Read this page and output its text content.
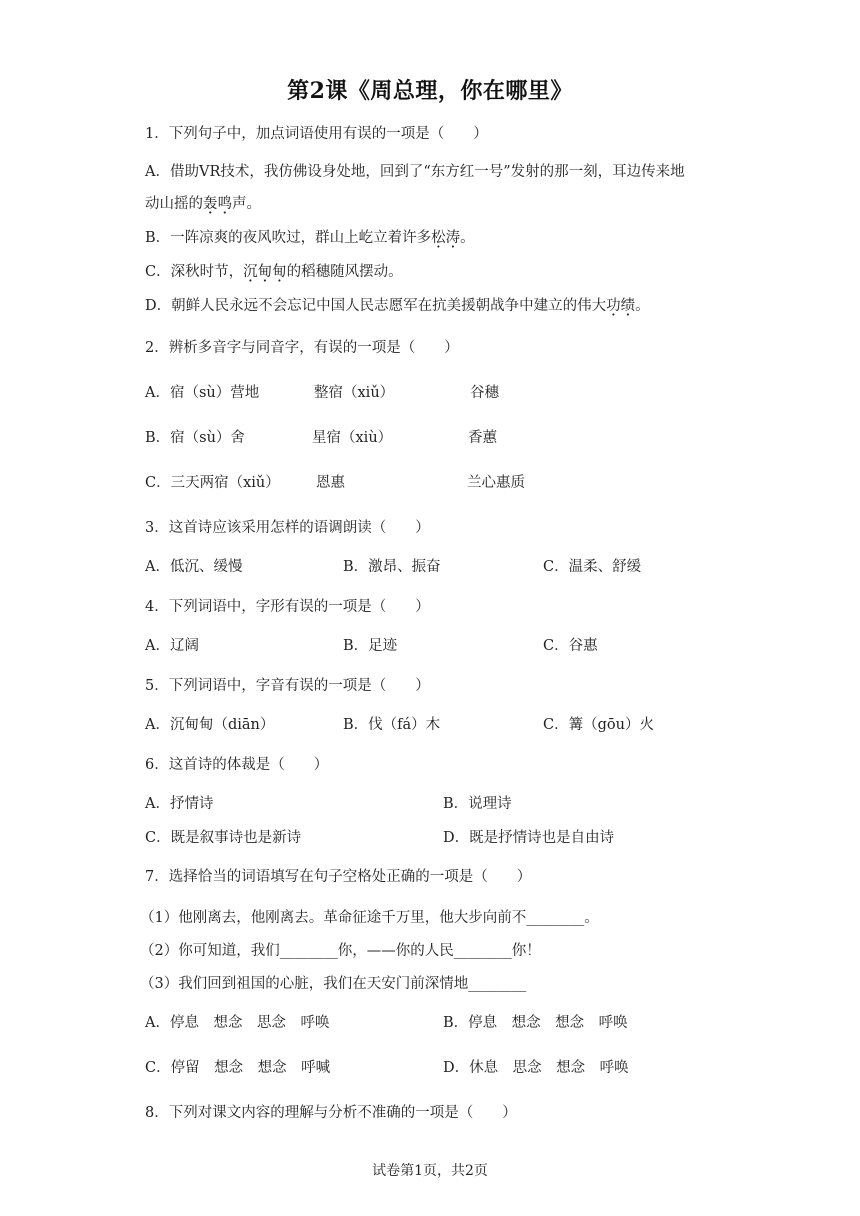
第2课《周总理，你在哪里》
1．下列句子中，加点词语使用有误的一项是（　　）
A．借助VR技术，我仿佛设身处地，回到了“东方红一号”发射的那一刻，耳边传来地
动山摇的轰鸣声。
B．一阵凉爽的夜风吹过，群山上屹立着许多松涛。
C．深秋时节，沉甸甸的稻穗随风摆动。
D．朝鲜人民永远不会忘记中国人民志愿军在抗美援朝战争中建立的伟大功绩。
2．辨析多音字与同音字，有误的一项是（　　）
A．宿（sù）营地	整宿（xiǔ）	谷穗
B．宿（sù）舍	星宿（xiù）	香蕙
C．三天两宿（xiǔ）	恩惠	兰心惠质
3．这首诗应该采用怎样的语调朗读（　　）
A．低沉、缓慢	B．激昂、振奋	C．温柔、舒缓
4．下列词语中，字形有误的一项是（　　）
A．辽阔	B．足迹	C．谷惠
5．下列词语中，字音有误的一项是（　　）
A．沉甸甸（diān）	B．伐（fá）木	C．篝（gōu）火
6．这首诗的体裁是（　　）
A．抒情诗	B．说理诗
C．既是叙事诗也是新诗	D．既是抒情诗也是自由诗
7．选择恰当的词语填写在句子空格处正确的一项是（　　）
（1）他刚离去，他刚离去。革命征途千万里，他大步向前不________。
（2）你可知道，我们________你，——你的人民________你！
（3）我们回到祖国的心脏，我们在天安门前深情地________
A．停息　想念　思念　呼唤	B．停息　想念　想念　呼唤
C．停留　想念　想念　呼喊	D．休息　思念　想念　呼唤
8．下列对课文内容的理解与分析不准确的一项是（　　）
试卷第1页，共2页
